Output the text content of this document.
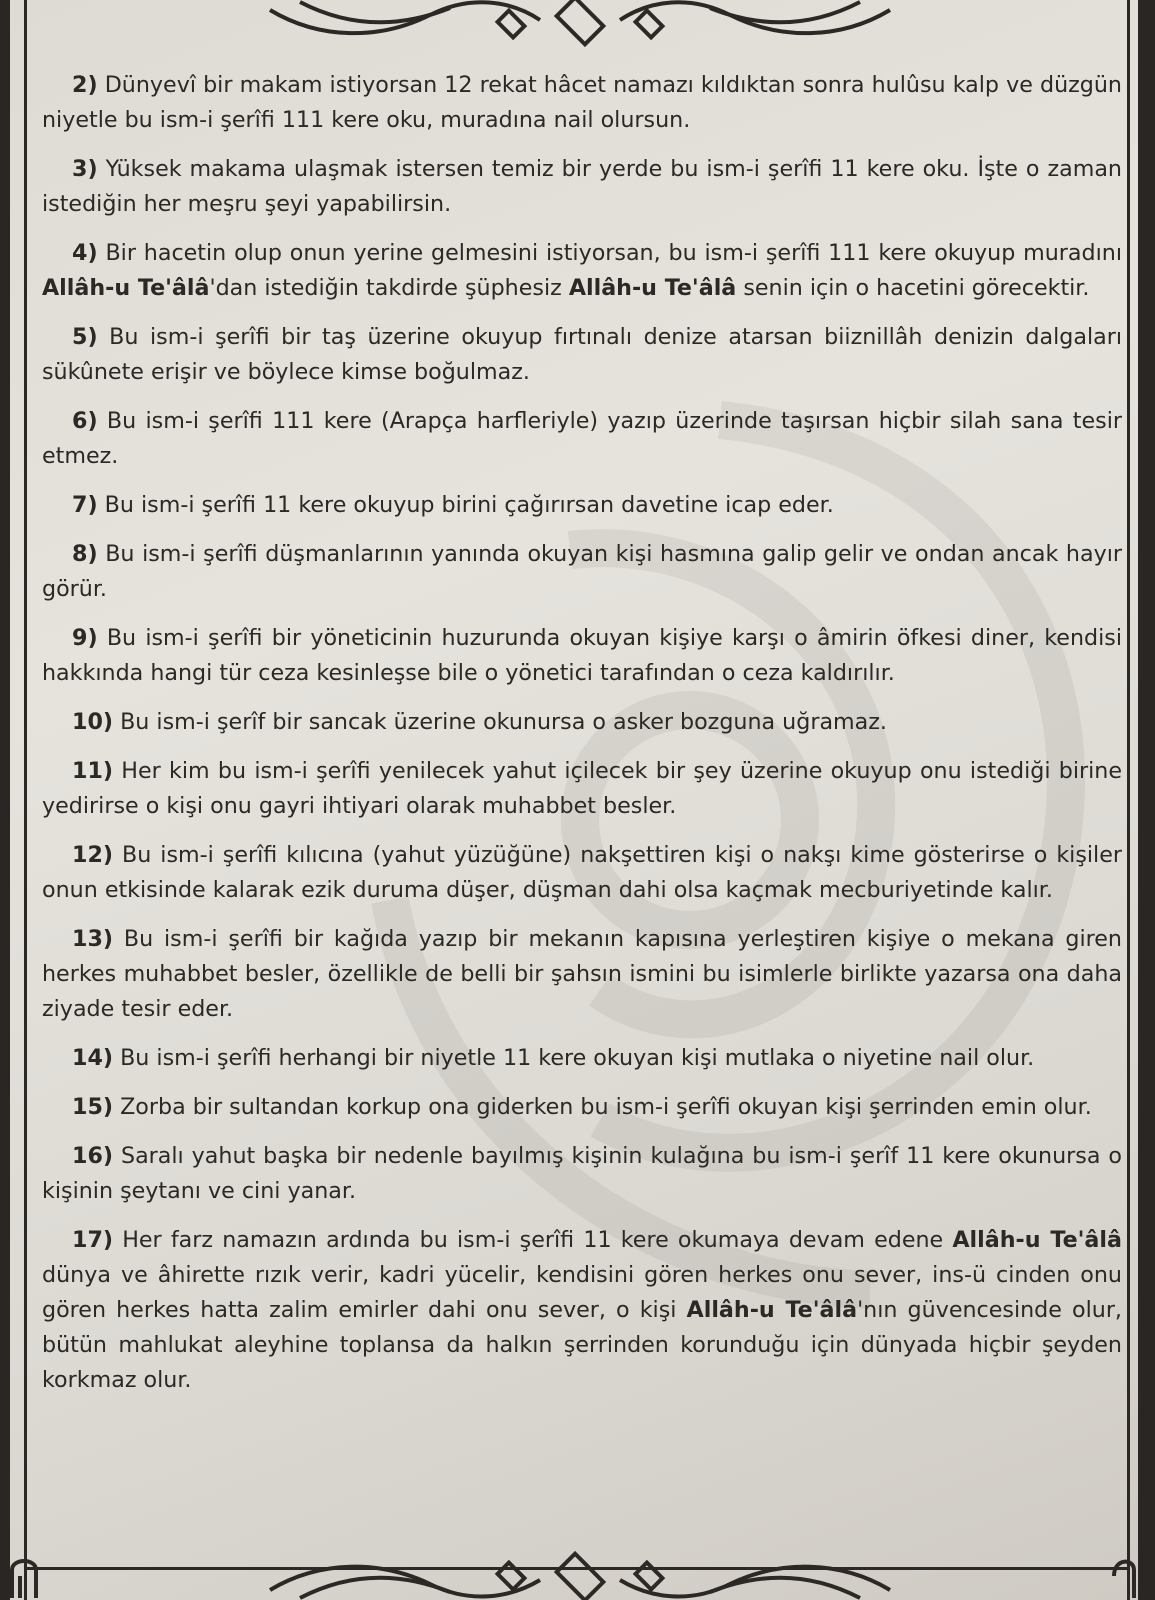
2) Dünyevî bir makam istiyorsan 12 rekat hâcet namazı kıldıktan sonra hulûsu kalp ve düzgün niyetle bu ism-i şerîfi 111 kere oku, muradına nail olursun.

3) Yüksek makama ulaşmak istersen temiz bir yerde bu ism-i şerîfi 11 kere oku. İşte o zaman istediğin her meşru şeyi yapabilirsin.

4) Bir hacetin olup onun yerine gelmesini istiyorsan, bu ism-i şerîfi 111 kere okuyup muradını Allâh-u Te'âlâ'dan istediğin takdirde şüphesiz Allâh-u Te'âlâ senin için o hacetini görecektir.

5) Bu ism-i şerîfi bir taş üzerine okuyup fırtınalı denize atarsan biiznillâh denizin dalgaları sükûnete erişir ve böylece kimse boğulmaz.

6) Bu ism-i şerîfi 111 kere (Arapça harfleriyle) yazıp üzerinde taşırsan hiçbir silah sana tesir etmez.

7) Bu ism-i şerîfi 11 kere okuyup birini çağırırsan davetine icap eder.

8) Bu ism-i şerîfi düşmanlarının yanında okuyan kişi hasmına galip gelir ve ondan ancak hayır görür.

9) Bu ism-i şerîfi bir yöneticinin huzurunda okuyan kişiye karşı o âmirin öfkesi diner, kendisi hakkında hangi tür ceza kesinleşse bile o yönetici tarafından o ceza kaldırılır.

10) Bu ism-i şerîf bir sancak üzerine okunursa o asker bozguna uğramaz.

11) Her kim bu ism-i şerîfi yenilecek yahut içilecek bir şey üzerine okuyup onu istediği birine yedirirse o kişi onu gayri ihtiyari olarak muhabbet besler.

12) Bu ism-i şerîfi kılıcına (yahut yüzüğüne) nakşettiren kişi o nakşı kime gösterirse o kişiler onun etkisinde kalarak ezik duruma düşer, düşman dahi olsa kaçmak mecburiyetinde kalır.

13) Bu ism-i şerîfi bir kağıda yazıp bir mekanın kapısına yerleştiren kişiye o mekana giren herkes muhabbet besler, özellikle de belli bir şahsın ismini bu isimlerle birlikte yazarsa ona daha ziyade tesir eder.

14) Bu ism-i şerîfi herhangi bir niyetle 11 kere okuyan kişi mutlaka o niyetine nail olur.

15) Zorba bir sultandan korkup ona giderken bu ism-i şerîfi okuyan kişi şerrinden emin olur.

16) Saralı yahut başka bir nedenle bayılmış kişinin kulağına bu ism-i şerîf 11 kere okunursa o kişinin şeytanı ve cini yanar.

17) Her farz namazın ardında bu ism-i şerîfi 11 kere okumaya devam edene Allâh-u Te'âlâ dünya ve âhirette rızık verir, kadri yücelir, kendisini gören herkes onu sever, ins-ü cinden onu gören herkes hatta zalim emirler dahi onu sever, o kişi Allâh-u Te'âlâ'nın güvencesinde olur, bütün mahlukat aleyhine toplansa da halkın şerrinden korunduğu için dünyada hiçbir şeyden korkmaz olur.
